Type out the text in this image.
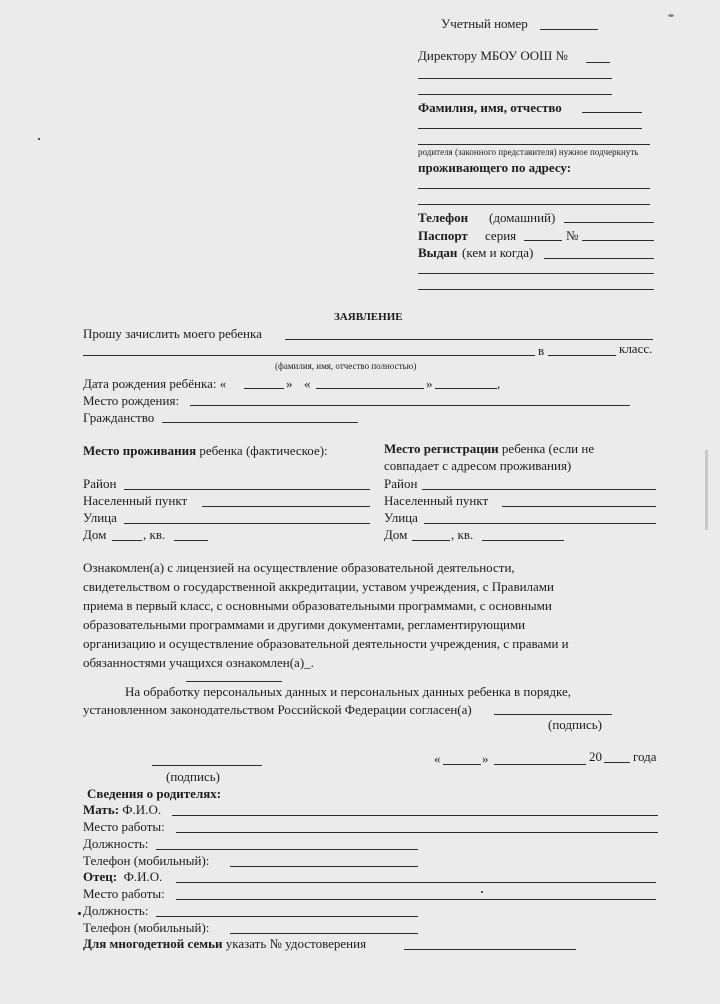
Учетный номер
Директору МБОУ ООШ №
Фамилия, имя, отчество
родителя (законного представителя) нужное подчеркнуть
проживающего по адресу:
Телефон (домашний)
Паспорт серия	№
Выдан (кем и когда)
ЗАЯВЛЕНИЕ
Прошу зачислить моего ребенка
в	класс.
(фамилия, имя, отчество полностью)
Дата рождения ребёнка: «	» «	»	,
Место рождения:
Гражданство
Место проживания ребенка (фактическое):
Район
Населенный пункт
Улица
Дом	, кв.
Место регистрации ребенка (если не
совпадает с адресом проживания)
Район
Населенный пункт
Улица
Дом	, кв.
Ознакомлен(а) с лицензией на осуществление образовательной деятельности,
свидетельством о государственной аккредитации, уставом учреждения, с Правилами
приема в первый класс, с основными образовательными программами, с основными
образовательными программами и другими документами, регламентирующими
организацию и осуществление образовательной деятельности учреждения, с правами и
обязанностями учащихся ознакомлен(а)_.
На обработку персональных данных и персональных данных ребенка в порядке,
установленном законодательством Российской Федерации согласен(а)
(подпись)
(подпись)
«	»	20 года
Сведения о родителях:
Мать: Ф.И.О.
Место работы:
Должность:
Телефон (мобильный):
Отец: Ф.И.О.
Место работы:
Должность:
Телефон (мобильный):
Для многодетной семьи указать № удостоверения
